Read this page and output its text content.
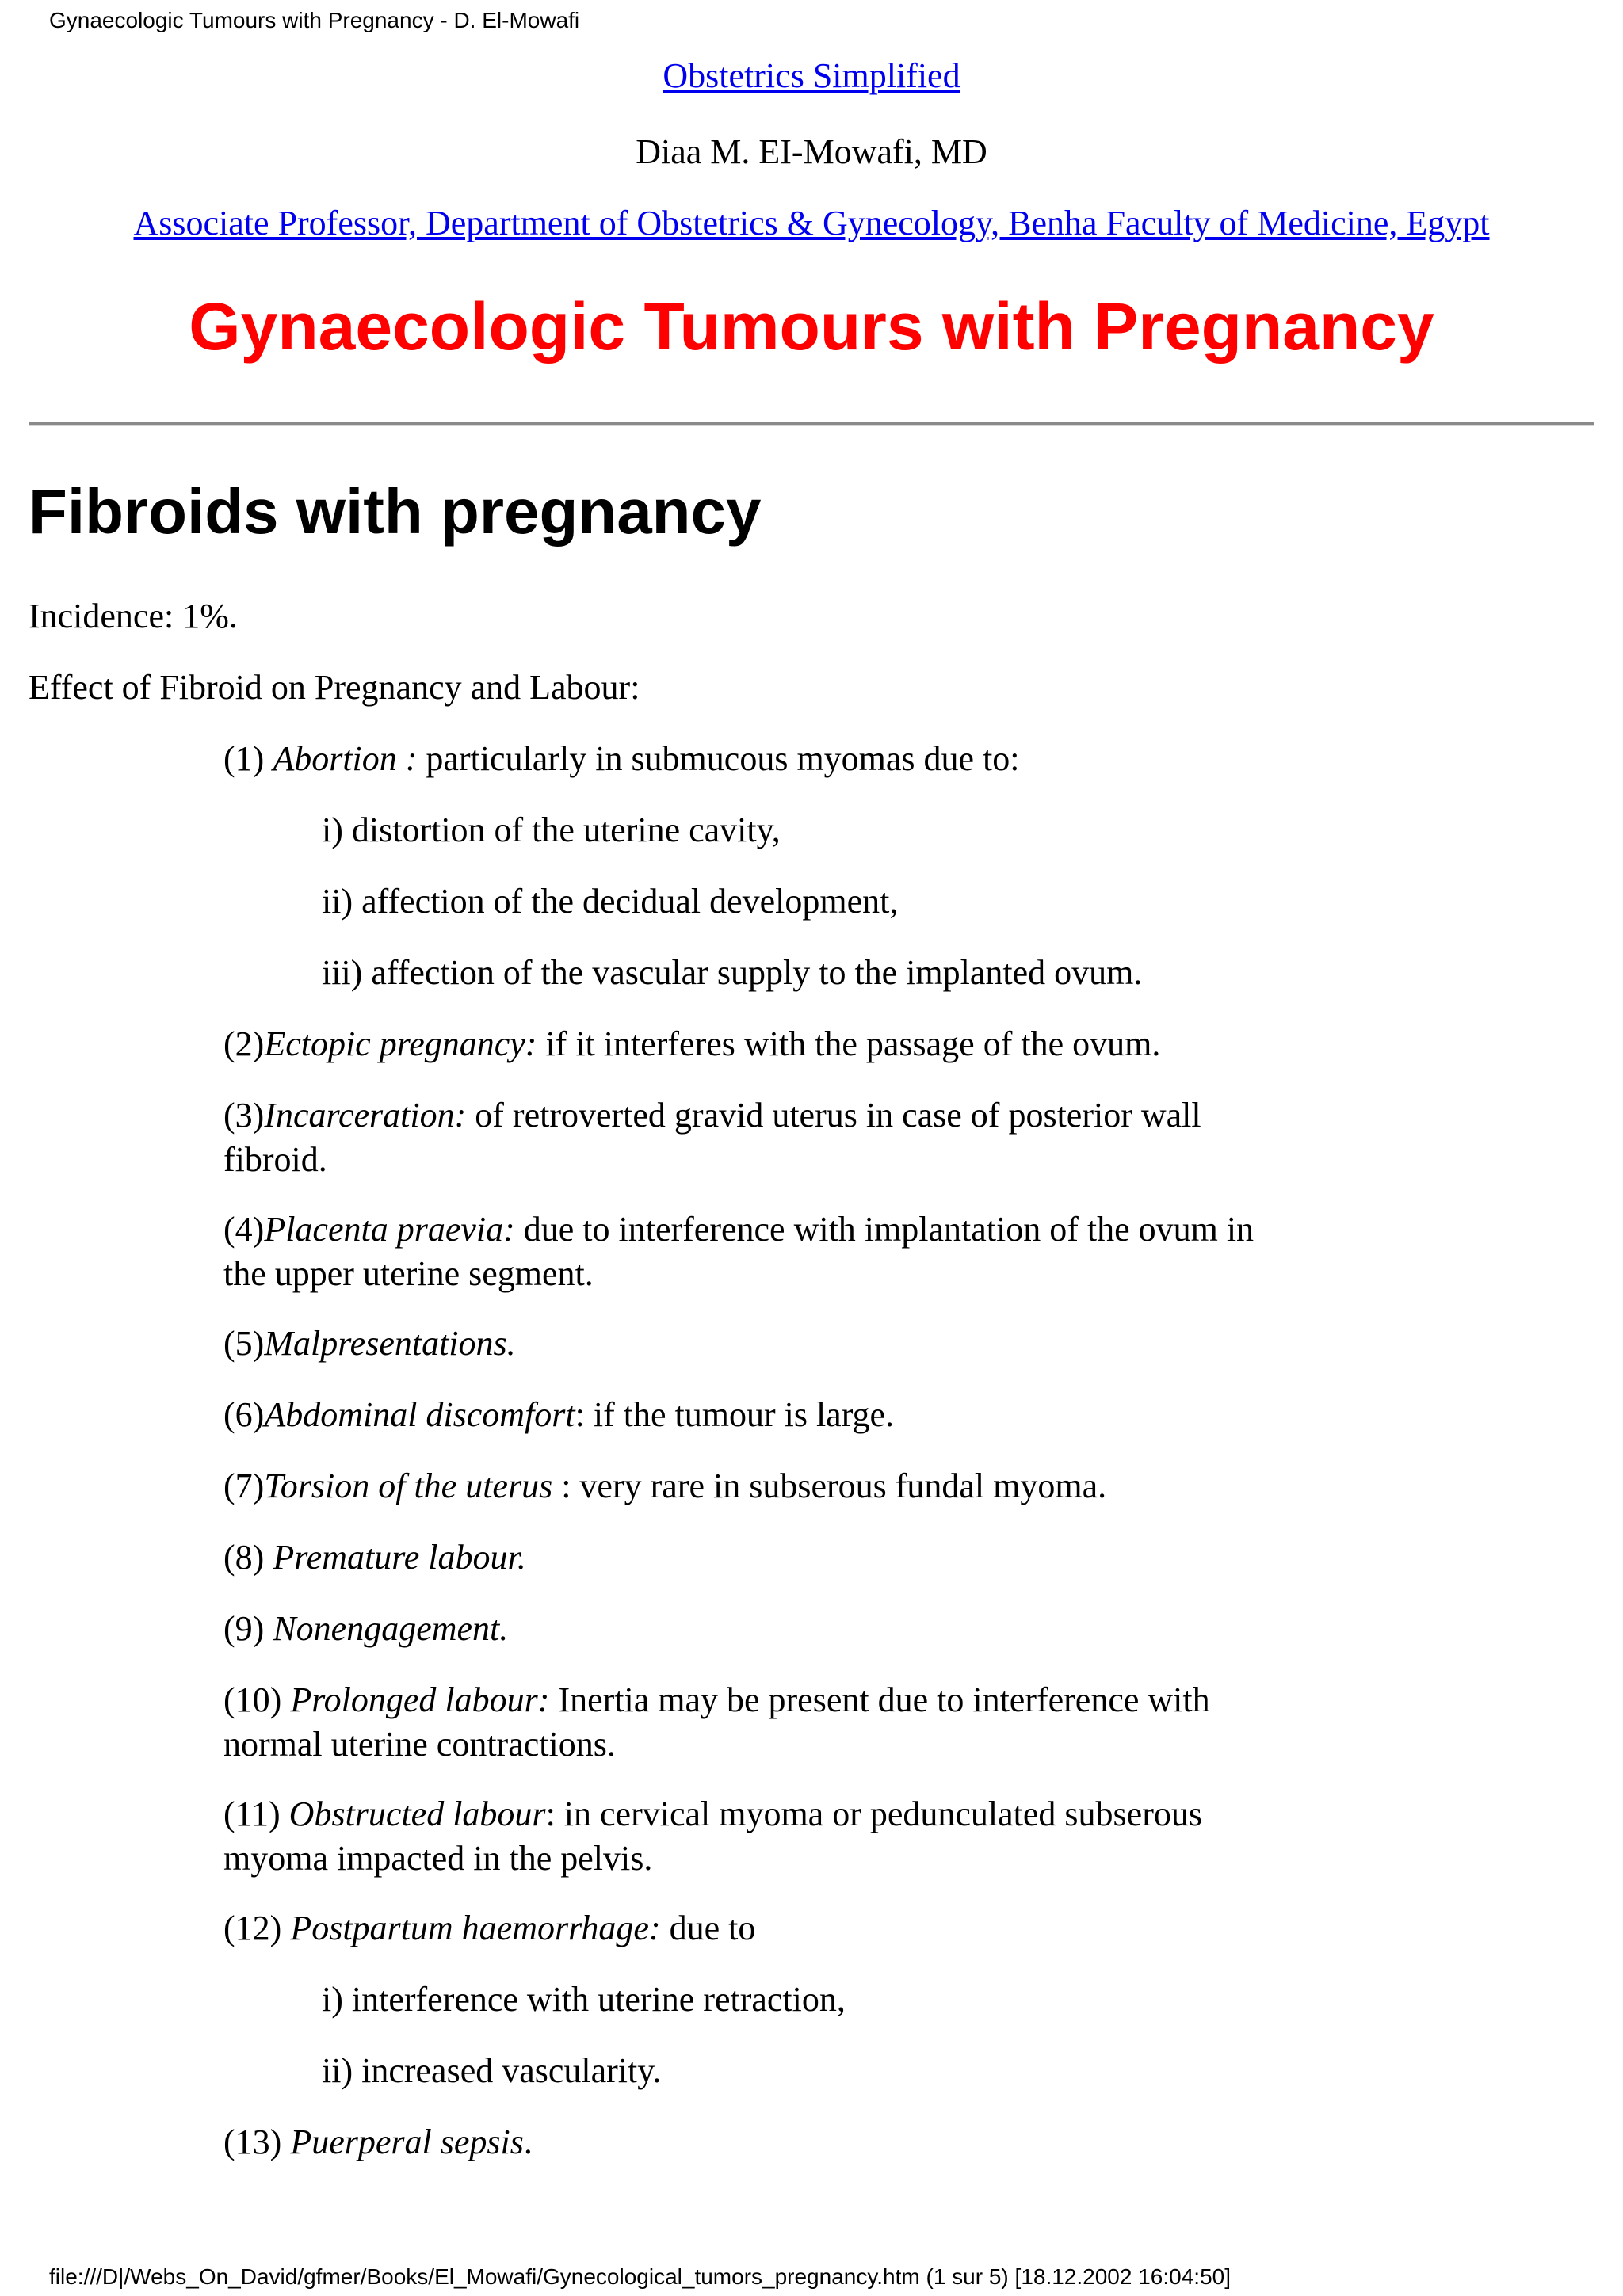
Gynaecologic Tumours with Pregnancy - D. El-Mowafi
Obstetrics Simplified
Diaa M. EI-Mowafi, MD
Associate Professor, Department of Obstetrics & Gynecology, Benha Faculty of Medicine, Egypt
Gynaecologic Tumours with Pregnancy
Fibroids with pregnancy
Incidence: 1%.
Effect of Fibroid on Pregnancy and Labour:
(1) Abortion : particularly in submucous myomas due to:
i) distortion of the uterine cavity,
ii) affection of the decidual development,
iii) affection of the vascular supply to the implanted ovum.
(2)Ectopic pregnancy: if it interferes with the passage of the ovum.
(3)Incarceration: of retroverted gravid uterus in case of posterior wall
fibroid.
(4)Placenta praevia: due to interference with implantation of the ovum in
the upper uterine segment.
(5)Malpresentations.
(6)Abdominal discomfort: if the tumour is large.
(7)Torsion of the uterus : very rare in subserous fundal myoma.
(8) Premature labour.
(9) Nonengagement.
(10) Prolonged labour: Inertia may be present due to interference with
normal uterine contractions.
(11) Obstructed labour: in cervical myoma or pedunculated subserous
myoma impacted in the pelvis.
(12) Postpartum haemorrhage: due to
i) interference with uterine retraction,
ii) increased vascularity.
(13) Puerperal sepsis.
file:///D|/Webs_On_David/gfmer/Books/El_Mowafi/Gynecological_tumors_pregnancy.htm (1 sur 5) [18.12.2002 16:04:50]
